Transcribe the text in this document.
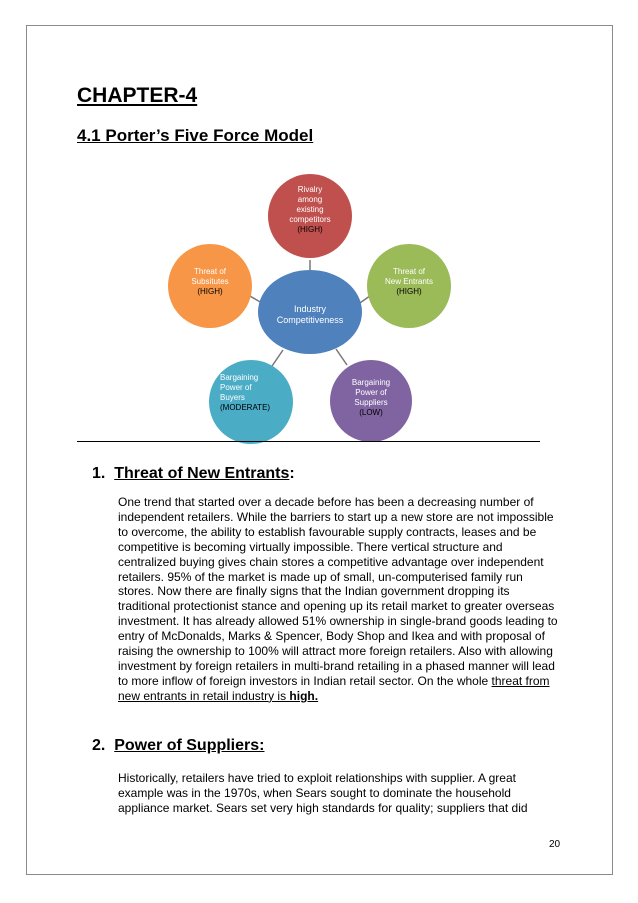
CHAPTER-4
4.1 Porter’s Five Force Model
Rivalry
among
existing
competitors
(HIGH)
Threat of
New Entrants
(HIGH)
Bargaining
Power of
Suppliers
(LOW)
Bargaining
Power of
Buyers
(MODERATE)
Threat of
Subsitutes
(HIGH)
Industry
Competitiveness
1. Threat of New Entrants:
One trend that started over a decade before has been a decreasing number of independent retailers. While the barriers to start up a new store are not impossible to overcome, the ability to establish favourable supply contracts, leases and be competitive is becoming virtually impossible. There vertical structure and centralized buying gives chain stores a competitive advantage over independent retailers. 95% of the market is made up of small, un-computerised family run stores. Now there are finally signs that the Indian government dropping its traditional protectionist stance and opening up its retail market to greater overseas investment. It has already allowed 51% ownership in single-brand goods leading to entry of McDonalds, Marks & Spencer, Body Shop and Ikea and with proposal of raising the ownership to 100% will attract more foreign retailers. Also with allowing investment by foreign retailers in multi-brand retailing in a phased manner will lead to more inflow of foreign investors in Indian retail sector. On the whole threat from new entrants in retail industry is high.
2. Power of Suppliers:
Historically, retailers have tried to exploit relationships with supplier. A great example was in the 1970s, when Sears sought to dominate the household appliance market. Sears set very high standards for quality; suppliers that did
20
